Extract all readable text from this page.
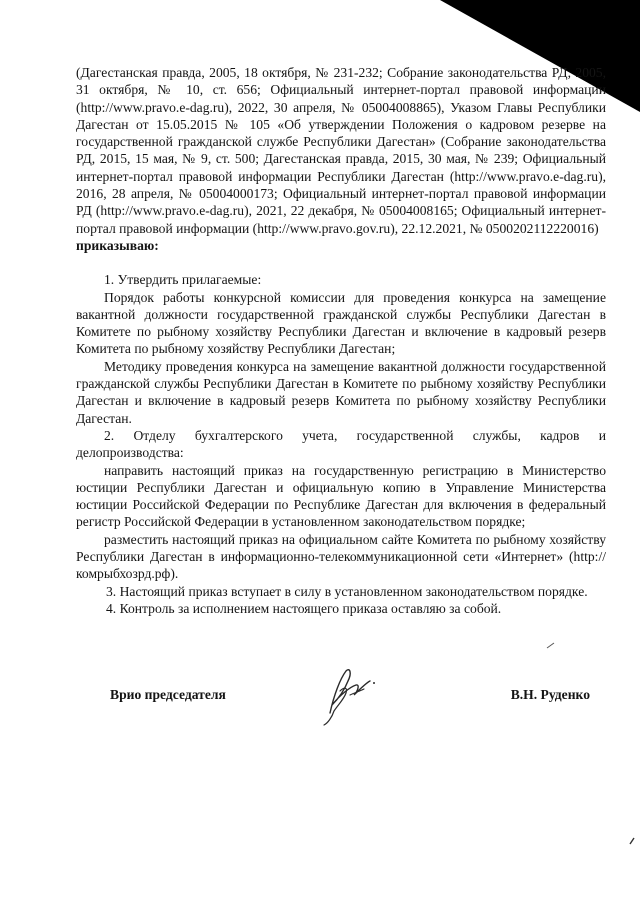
(Дагестанская правда, 2005, 18 октября, № 231-232; Собрание законодательства РД, 2005, 31 октября, № 10, ст. 656; Официальный интернет-портал правовой информации (http://www.pravo.e-dag.ru), 2022, 30 апреля, № 05004008865), Указом Главы Республики Дагестан от 15.05.2015 № 105 «Об утверждении Положения о кадровом резерве на государственной гражданской службе Республики Дагестан» (Собрание законодательства РД, 2015, 15 мая, № 9, ст. 500; Дагестанская правда, 2015, 30 мая, № 239; Официальный интернет-портал правовой информации Республики Дагестан (http://www.pravo.e-dag.ru), 2016, 28 апреля, № 05004000173; Официальный интернет-портал правовой информации РД (http://www.pravo.e-dag.ru), 2021, 22 декабря, № 05004008165; Официальный интернет-портал правовой информации (http://www.pravo.gov.ru), 22.12.2021, № 0500202112220016)

приказываю:

1. Утвердить прилагаемые:

Порядок работы конкурсной комиссии для проведения конкурса на замещение вакантной должности государственной гражданской службы Республики Дагестан в Комитете по рыбному хозяйству Республики Дагестан и включение в кадровый резерв Комитета по рыбному хозяйству Республики Дагестан;

Методику проведения конкурса на замещение вакантной должности государственной гражданской службы Республики Дагестан в Комитете по рыбному хозяйству Республики Дагестан и включение в кадровый резерв Комитета по рыбному хозяйству Республики Дагестан.

2. Отделу бухгалтерского учета, государственной службы, кадров и делопроизводства:

направить настоящий приказ на государственную регистрацию в Министерство юстиции Республики Дагестан и официальную копию в Управление Министерства юстиции Российской Федерации по Республике Дагестан для включения в федеральный регистр Российской Федерации в установленном законодательством порядке;

разместить настоящий приказ на официальном сайте Комитета по рыбному хозяйству Республики Дагестан в информационно-телекоммуникационной сети «Интернет» (http://комрыбхозрд.рф).

3. Настоящий приказ вступает в силу в установленном законодательством порядке.

4. Контроль за исполнением настоящего приказа оставляю за собой.

Врио председателя	В.Н. Руденко
